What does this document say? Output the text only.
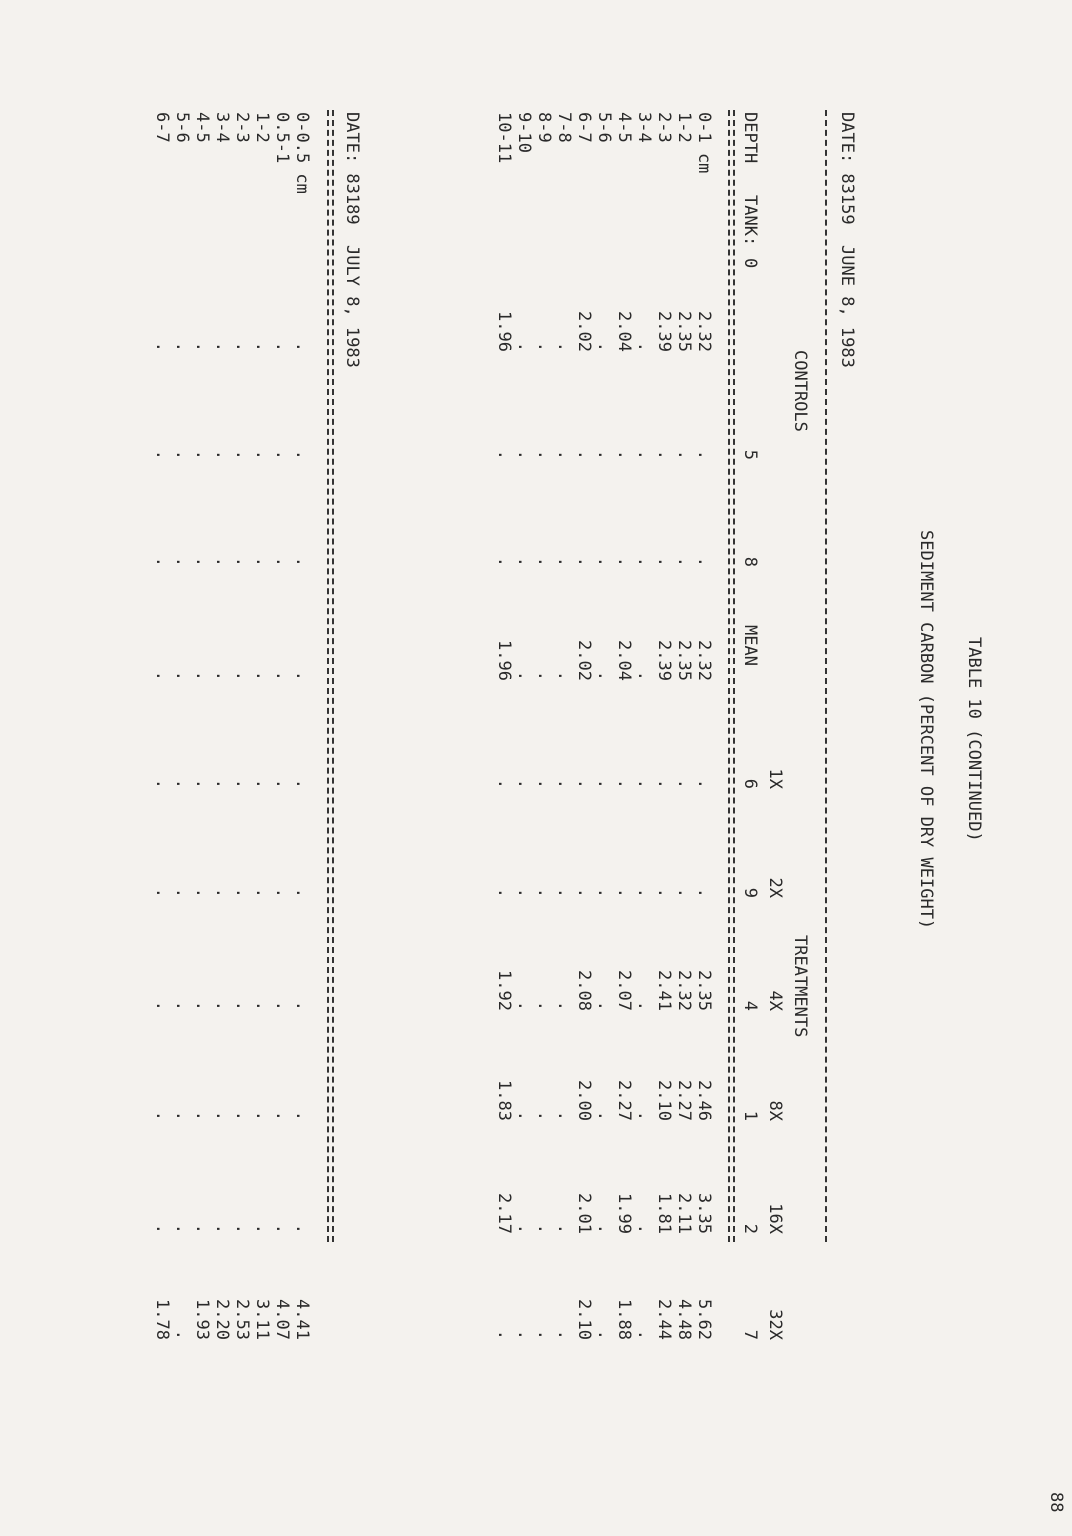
88
TABLE 10 (CONTINUED)
SEDIMENT CARBON (PERCENT OF DRY WEIGHT)
DATE: 83159  JUNE 8, 1983
CONTROLS
TREATMENTS
DEPTH
TANK:
MEAN
DATE: 83189  JULY 8, 1983
1X
2X
4X
8X
16X
32X
0
5
8
6
9
4
1
2
7
0-1 cm
2.32
.
.
2.32
.
.
2.35
2.46
3.35
5.62
1-2
2.35
.
.
2.35
.
.
2.32
2.27
2.11
4.48
2-3
2.39
.
.
2.39
.
.
2.41
2.10
1.81
2.44
3-4
.
.
.
.
.
.
.
.
.
.
4-5
2.04
.
.
2.04
.
.
2.07
2.27
1.99
1.88
5-6
.
.
.
.
.
.
.
.
.
.
6-7
2.02
.
.
2.02
.
.
2.08
2.00
2.01
2.10
7-8
.
.
.
.
.
.
.
.
.
.
8-9
.
.
.
.
.
.
.
.
.
.
9-10
.
.
.
.
.
.
.
.
.
.
10-11
1.96
.
.
1.96
.
.
1.92
1.83
2.17
.
0-0.5 cm
.
.
.
.
.
.
.
.
.
4.41
0.5-1
.
.
.
.
.
.
.
.
.
4.07
1-2
.
.
.
.
.
.
.
.
.
3.11
2-3
.
.
.
.
.
.
.
.
.
2.53
3-4
.
.
.
.
.
.
.
.
.
2.20
4-5
.
.
.
.
.
.
.
.
.
1.93
5-6
.
.
.
.
.
.
.
.
.
.
6-7
.
.
.
.
.
.
.
.
.
1.78
